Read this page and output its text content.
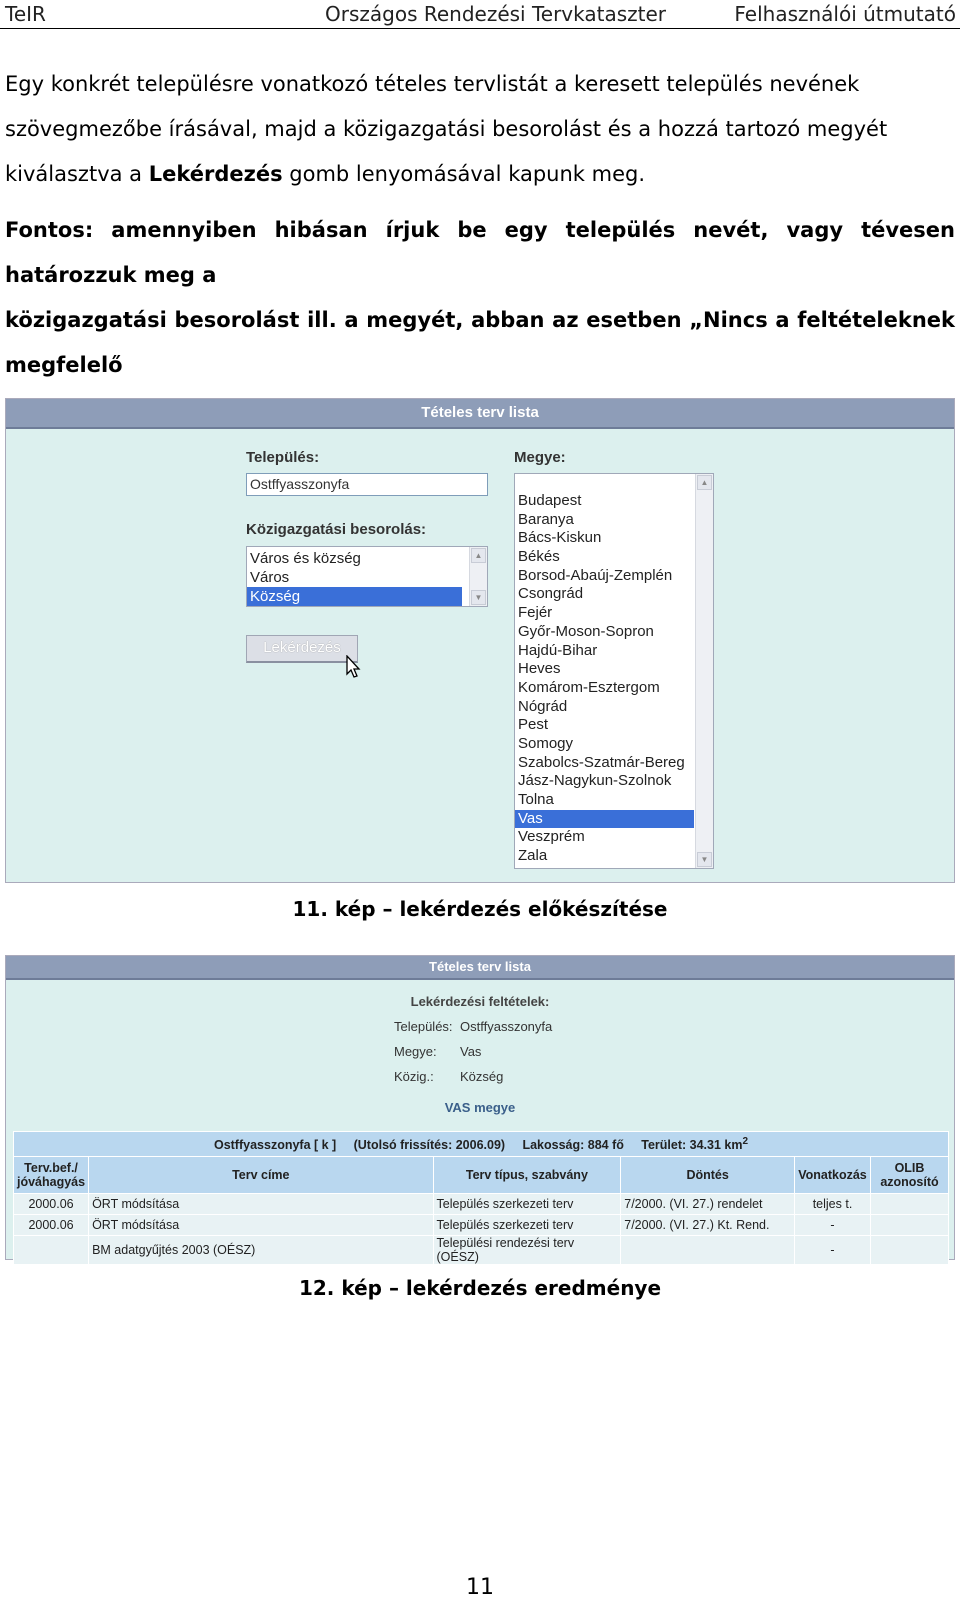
TeIR	Országos Rendezési Tervkataszter	Felhasználói útmutató
Egy konkrét településre vonatkozó tételes tervlistát a keresett település nevének
szövegmezőbe írásával, majd a közigazgatási besorolást és a hozzá tartozó megyét
kiválasztva a Lekérdezés gomb lenyomásával kapunk meg.
Fontos: amennyiben hibásan írjuk be egy település nevét, vagy tévesen határozzuk meg a
közigazgatási besorolást ill. a megyét, abban az esetben „Nincs a feltételeknek megfelelő
Tételes terv lista
Település:
Ostffyasszonyfa
Közigazgatási besorolás:
Város és község
Város
Község
▲
▼
Megye:
Budapest
Baranya
Bács-Kiskun
Békés
Borsod-Abaúj-Zemplén
Csongrád
Fejér
Győr-Moson-Sopron
Hajdú-Bihar
Heves
Komárom-Esztergom
Nógrád
Pest
Somogy
Szabolcs-Szatmár-Bereg
Jász-Nagykun-Szolnok
Tolna
Vas
Veszprém
Zala
▲
▼
Lekérdezés
11. kép – lekérdezés előkészítése
Tételes terv lista
Lekérdezési feltételek:
Település: Ostffyasszonyfa
Megye: Vas
Közig.: Község
VAS megye
Ostffyasszonyfa [ k ] (Utolsó frissítés: 2006.09) Lakosság: 884 fő Terület: 34.31 $km^2$
Terv.bef./ jóváhagyás	Terv címe	Terv típus, szabvány	Döntés	Vonatkozás	OLIB azonosító
2000.06	ÖRT módsítása	Település szerkezeti terv	7/2000. (VI. 27.) rendelet	teljes t.	
2000.06	ÖRT módsítása	Település szerkezeti terv	7/2000. (VI. 27.) Kt. Rend.	-	
	BM adatgyűjtés 2003 (OÉSZ)	Települési rendezési terv (OÉSZ)		-	
12. kép – lekérdezés eredménye
11
